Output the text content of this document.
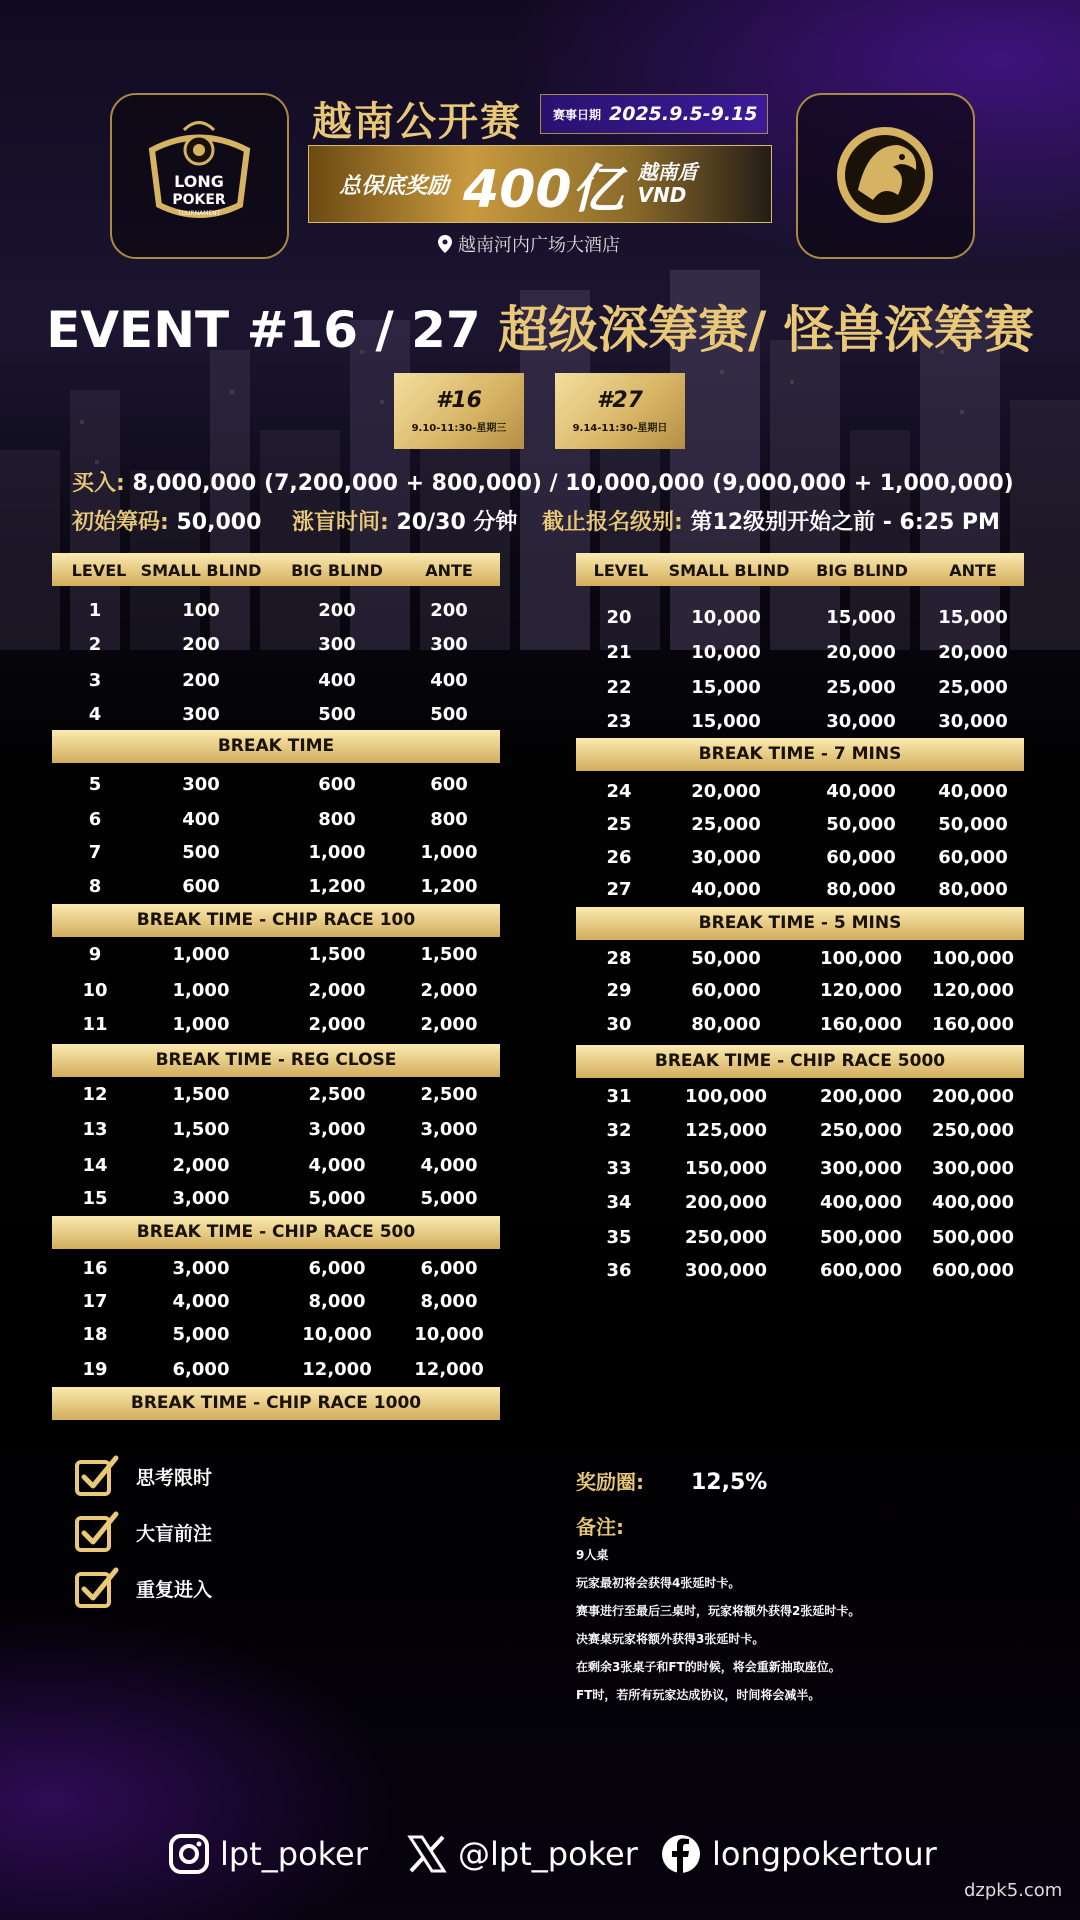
LONG
POKER
TOURNAMENT
越南公开赛	赛事日期 2025.9.5-9.15
总保底奖励 400亿 越南盾
VND
越南河内广场大酒店
EVENT #16 / 27 超级深筹赛/ 怪兽深筹赛
#16
9.10-11:30-星期三
#27
9.14-11:30-星期日
买入: 8,000,000 (7,200,000 + 800,000) / 10,000,000 (9,000,000 + 1,000,000)
初始筹码: 50,000 涨盲时间: 20/30 分钟 截止报名级别: 第12级别开始之前 - 6:25 PM
LEVEL SMALL BLIND BIG BLIND	ANTE
1	100	200	200
2	200	300	300
3	200	400	400
4	300	500	500
BREAK TIME
5	300	600	600
6	400	800	800
7	500	1,000	1,000
8	600	1,200	1,200
BREAK TIME - CHIP RACE 100
9	1,000	1,500	1,500
10	1,000	2,000	2,000
11	1,000	2,000	2,000
BREAK TIME - REG CLOSE
12	1,500	2,500	2,500
13	1,500	3,000	3,000
14	2,000	4,000	4,000
15	3,000	5,000	5,000
BREAK TIME - CHIP RACE 500
16	3,000	6,000	6,000
17	4,000	8,000	8,000
18	5,000	10,000 10,000
19	6,000	12,000 12,000
BREAK TIME - CHIP RACE 1000
LEVEL SMALL BLIND BIG BLIND	ANTE
20	10,000	15,000 15,000
21	10,000	20,000 20,000
22	15,000	25,000 25,000
23	15,000	30,000 30,000
BREAK TIME - 7 MINS
24	20,000	40,000 40,000
25	25,000	50,000 50,000
26	30,000	60,000 60,000
27	40,000	80,000 80,000
BREAK TIME - 5 MINS
28	50,000	100,000 100,000
29	60,000	120,000 120,000
30	80,000	160,000 160,000
BREAK TIME - CHIP RACE 5000
31	100,000	200,000 200,000
32	125,000	250,000 250,000
33	150,000	300,000 300,000
34	200,000	400,000 400,000
35	250,000	500,000 500,000
36	300,000	600,000 600,000
思考限时
大盲前注
重复进入
奖励圈: 12,5%
备注:
9人桌
玩家最初将会获得4张延时卡。
赛事进行至最后三桌时，玩家将额外获得2张延时卡。
决赛桌玩家将额外获得3张延时卡。
在剩余3张桌子和FT的时候，将会重新抽取座位。
FT时，若所有玩家达成协议，时间将会减半。
lpt_poker	@lpt_poker longpokertour
dzpk5.com
